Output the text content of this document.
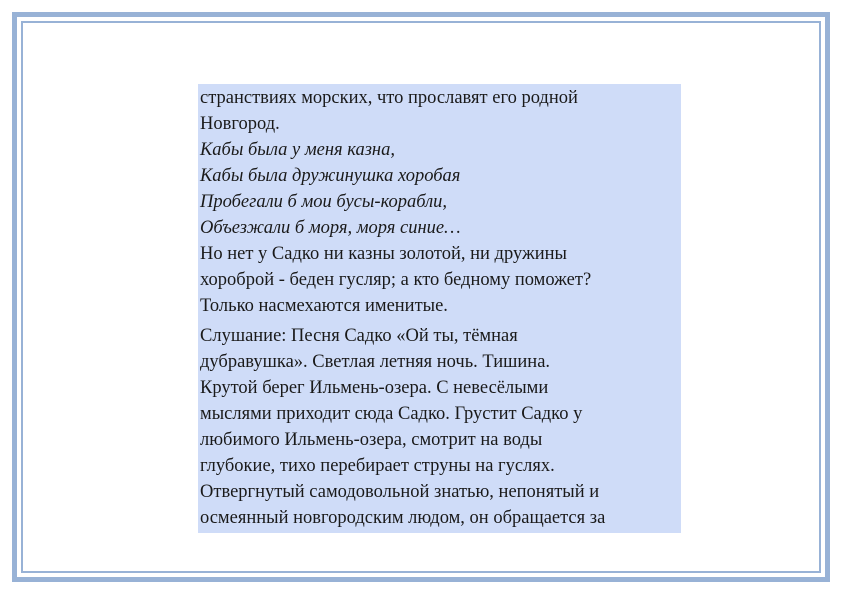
странствиях морских, что прославят его родной
Новгород.

Кабы была у меня казна,
Кабы была дружинушка хоробая
Пробегали б мои бусы-корабли,
Объезжали б моря, моря синие…

Но нет у Садко ни казны золотой, ни дружины
хороброй - беден гусляр; а кто бедному поможет?
Только насмехаются именитые.

Слушание: Песня Садко «Ой ты, тёмная
дубравушка». Светлая летняя ночь. Тишина.
Крутой берег Ильмень-озера. С невесёлыми
мыслями приходит сюда Садко. Грустит Садко у
любимого Ильмень-озера, смотрит на воды
глубокие, тихо перебирает струны на гуслях.
Отвергнутый самодовольной знатью, непонятый и
осмеянный новгородским людом, он обращается за
